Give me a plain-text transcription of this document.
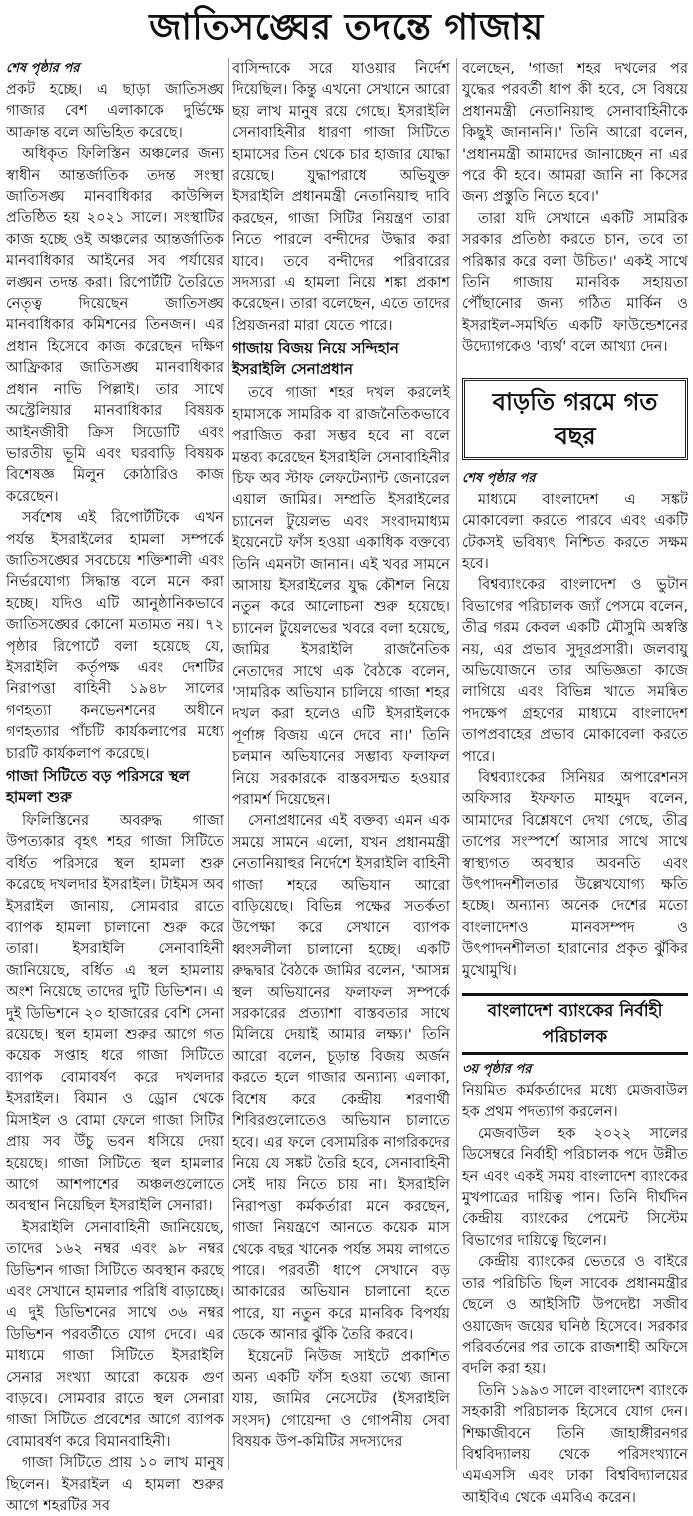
জাতিসঙ্ঘের তদন্তে গাজায়
শেষ পৃষ্ঠার পর

প্রকট হচ্ছে। এ ছাড়া জাতিসঙ্ঘ গাজার বেশ এলাকাকে দুর্ভিক্ষে আক্রান্ত বলে অভিহিত করেছে।

অধিকৃত ফিলিস্তিন অঞ্চলের জন্য স্বাধীন আন্তর্জাতিক তদন্ত সংস্থা জাতিসঙ্ঘ মানবাধিকার কাউন্সিল প্রতিষ্ঠিত হয় ২০২১ সালে। সংস্থাটির কাজ হচ্ছে ওই অঞ্চলের আন্তর্জাতিক মানবাধিকার আইনের সব পর্যায়ের লঙ্ঘন তদন্ত করা। রিপোর্টটি তৈরিতে নেতৃত্ব দিয়েছেন জাতিসঙ্ঘ মানবাধিকার কমিশনের তিনজন। এর প্রধান হিসেবে কাজ করেছেন দক্ষিণ আফ্রিকার জাতিসঙ্ঘ মানবাধিকার প্রধান নাভি পিল্লাই। তার সাথে অস্ট্রেলিয়ার মানবাধিকার বিষয়ক আইনজীবী ক্রিস সিডোটি এবং ভারতীয় ভূমি এবং ঘরবাড়ি বিষয়ক বিশেষজ্ঞ মিলুন কোঠারিও কাজ করেছেন।

সর্বশেষ এই রিপোর্টটিকে এখন পর্যন্ত ইসরাইলের হামলা সম্পর্কে জাতিসঙ্ঘের সবচেয়ে শক্তিশালী এবং নির্ভরযোগ্য সিদ্ধান্ত বলে মনে করা হচ্ছে। যদিও এটি আনুষ্ঠানিকভাবে জাতিসঙ্ঘের কোনো মতামত নয়। ৭২ পৃষ্ঠার রিপোর্টে বলা হয়েছে যে, ইসরাইলি কর্তৃপক্ষ এবং দেশটির নিরাপত্তা বাহিনী ১৯৪৮ সালের গণহত্যা কনভেনশনের অধীনে গণহত্যার পাঁচটি কার্যকলাপের মধ্যে চারটি কার্যকলাপ করেছে।

গাজা সিটিতে বড় পরিসরে স্থল হামলা শুরু

ফিলিস্তিনের অবরুদ্ধ গাজা উপত্যকার বৃহৎ শহর গাজা সিটিতে বর্ধিত পরিসরে স্থল হামলা শুরু করেছে দখলদার ইসরাইল। টাইমস অব ইসরাইল জানায়, সোমবার রাতে ব্যাপক হামলা চালানো শুরু করে তারা। ইসরাইলি সেনাবাহিনী জানিয়েছে, বর্ধিত এ স্থল হামলায় অংশ নিয়েছে তাদের দুটি ডিভিশন। এ দুই ডিভিশনে ২০ হাজারের বেশি সেনা রয়েছে। স্থল হামলা শুরুর আগে গত কয়েক সপ্তাহ ধরে গাজা সিটিতে ব্যাপক বোমাবর্ষণ করে দখলদার ইসরাইল। বিমান ও ড্রোন থেকে মিসাইল ও বোমা ফেলে গাজা সিটির প্রায় সব উঁচু ভবন ধসিয়ে দেয়া হয়েছে। গাজা সিটিতে স্থল হামলার আগে আশপাশের অঞ্চলগুলোতে অবস্থান নিয়েছিল ইসরাইলি সেনারা।

ইসরাইলি সেনাবাহিনী জানিয়েছে, তাদের ১৬২ নম্বর এবং ৯৮ নম্বর ডিভিশন গাজা সিটিতে অবস্থান করছে এবং সেখানে হামলার পরিধি বাড়াচ্ছে। এ দুই ডিভিশনের সাথে ৩৬ নম্বর ডিভিশন পরবর্তীতে যোগ দেবে। এর মাধ্যমে গাজা সিটিতে ইসরাইলি সেনার সংখ্যা আরো কয়েক গুণ বাড়বে। সোমবার রাতে স্থল সেনারা গাজা সিটিতে প্রবেশের আগে ব্যাপক বোমাবর্ষণ করে বিমানবাহিনী।

গাজা সিটিতে প্রায় ১০ লাখ মানুষ ছিলেন। ইসরাইল এ হামলা শুরুর আগে শহরটির সব

বাসিন্দাকে সরে যাওয়ার নির্দেশ দিয়েছিল। কিন্তু এখনো সেখানে আরো ছয় লাখ মানুষ রয়ে গেছে। ইসরাইলি সেনাবাহিনীর ধারণা গাজা সিটিতে হামাসের তিন থেকে চার হাজার যোদ্ধা রয়েছে। যুদ্ধাপরাধে অভিযুক্ত ইসরাইলি প্রধানমন্ত্রী নেতানিয়াহু দাবি করছেন, গাজা সিটির নিয়ন্ত্রণ তারা নিতে পারলে বন্দীদের উদ্ধার করা যাবে। তবে বন্দীদের পরিবারের সদস্যরা এ হামলা নিয়ে শঙ্কা প্রকাশ করেছেন। তারা বলেছেন, এতে তাদের প্রিয়জনরা মারা যেতে পারে।

গাজায় বিজয় নিয়ে সন্দিহান ইসরাইলি সেনাপ্রধান

তবে গাজা শহর দখল করলেই হামাসকে সামরিক বা রাজনৈতিকভাবে পরাজিত করা সম্ভব হবে না বলে মন্তব্য করেছেন ইসরাইলি সেনাবাহিনীর চিফ অব স্টাফ লেফটেন্যান্ট জেনারেল এয়াল জামির। সম্প্রতি ইসরাইলের চ্যানেল টুয়েলভ এবং সংবাদমাধ্যম ইয়েনেটে ফাঁস হওয়া একাধিক বক্তব্যে তিনি এমনটা জানান। এই খবর সামনে আসায় ইসরাইলের যুদ্ধ কৌশল নিয়ে নতুন করে আলোচনা শুরু হয়েছে। চ্যানেল টুয়েলভের খবরে বলা হয়েছে, জামির ইসরাইলি রাজনৈতিক নেতাদের সাথে এক বৈঠকে বলেন, 'সামরিক অভিযান চালিয়ে গাজা শহর দখল করা হলেও এটি ইসরাইলকে পূর্ণাঙ্গ বিজয় এনে দেবে না।' তিনি চলমান অভিযানের সম্ভাব্য ফলাফল নিয়ে সরকারকে বাস্তবসম্মত হওয়ার পরামর্শ দিয়েছেন।

সেনাপ্রধানের এই বক্তব্য এমন এক সময়ে সামনে এলো, যখন প্রধানমন্ত্রী নেতানিয়াহুর নির্দেশে ইসরাইলি বাহিনী গাজা শহরে অভিযান আরো বাড়িয়েছে। বিভিন্ন পক্ষের সতর্কতা উপেক্ষা করে সেখানে ব্যাপক ধ্বংসলীলা চালানো হচ্ছে। একটি রুদ্ধদ্বার বৈঠকে জামির বলেন, 'আসন্ন স্থল অভিযানের ফলাফল সম্পর্কে সরকারের প্রত্যাশা বাস্তবতার সাথে মিলিয়ে দেয়াই আমার লক্ষ্য।' তিনি আরো বলেন, চূড়ান্ত বিজয় অর্জন করতে হলে গাজার অন্যান্য এলাকা, বিশেষ করে কেন্দ্রীয় শরণার্থী শিবিরগুলোতেও অভিযান চালাতে হবে। এর ফলে বেসামরিক নাগরিকদের নিয়ে যে সঙ্কট তৈরি হবে, সেনাবাহিনী সেই দায় নিতে চায় না। ইসরাইলি নিরাপত্তা কর্মকর্তারা মনে করছেন, গাজা নিয়ন্ত্রণে আনতে কয়েক মাস থেকে বছর খানেক পর্যন্ত সময় লাগতে পারে। পরবর্তী ধাপে সেখানে বড় আকারের অভিযান চালানো হতে পারে, যা নতুন করে মানবিক বিপর্যয় ডেকে আনার ঝুঁকি তৈরি করবে।

ইয়েনেট নিউজ সাইটে প্রকাশিত অন্য একটি ফাঁস হওয়া তথ্যে জানা যায়, জামির নেসেটের (ইসরাইলি সংসদ) গোয়েন্দা ও গোপনীয় সেবা বিষয়ক উপ-কমিটির সদস্যদের

বলেছেন, 'গাজা শহর দখলের পর যুদ্ধের পরবর্তী ধাপ কী হবে, সে বিষয়ে প্রধানমন্ত্রী নেতানিয়াহু সেনাবাহিনীকে কিছুই জানাননি।' তিনি আরো বলেন, 'প্রধানমন্ত্রী আমাদের জানাচ্ছেন না এর পরে কী হবে। আমরা জানি না কিসের জন্য প্রস্তুতি নিতে হবে।'

তারা যদি সেখানে একটি সামরিক সরকার প্রতিষ্ঠা করতে চান, তবে তা পরিষ্কার করে বলা উচিত।' একই সাথে তিনি গাজায় মানবিক সহায়তা পৌঁছানোর জন্য গঠিত মার্কিন ও ইসরাইল-সমর্থিত একটি ফাউন্ডেশনের উদ্যোগকেও 'ব্যর্থ' বলে আখ্যা দেন।

বাড়তি গরমে গত বছর
শেষ পৃষ্ঠার পর

মাধ্যমে বাংলাদেশ এ সঙ্কট মোকাবেলা করতে পারবে এবং একটি টেকসই ভবিষ্যৎ নিশ্চিত করতে সক্ষম হবে।

বিশ্বব্যাংকের বাংলাদেশ ও ভুটান বিভাগের পরিচালক জ্যাঁ পেসমে বলেন, তীব্র গরম কেবল একটি মৌসুমি অস্বস্তি নয়, এর প্রভাব সুদূরপ্রসারী। জলবায়ু অভিযোজনে তার অভিজ্ঞতা কাজে লাগিয়ে এবং বিভিন্ন খাতে সমন্বিত পদক্ষেপ গ্রহণের মাধ্যমে বাংলাদেশ তাপপ্রবাহের প্রভাব মোকাবেলা করতে পারে।

বিশ্বব্যাংকের সিনিয়র অপারেশনস অফিসার ইফফাত মাহমুদ বলেন, আমাদের বিশ্লেষণে দেখা গেছে, তীব্র তাপের সংস্পর্শে আসার সাথে সাথে স্বাস্থ্যগত অবস্থার অবনতি এবং উৎপাদনশীলতার উল্লেখযোগ্য ক্ষতি হচ্ছে। অন্যান্য অনেক দেশের মতো বাংলাদেশও মানবসম্পদ ও উৎপাদনশীলতা হারানোর প্রকৃত ঝুঁকির মুখোমুখি।

বাংলাদেশ ব্যাংকের নির্বাহী পরিচালক
৩য় পৃষ্ঠার পর

নিয়মিত কর্মকর্তাদের মধ্যে মেজবাউল হক প্রথম পদত্যাগ করলেন।

মেজবাউল হক ২০২২ সালের ডিসেম্বরে নির্বাহী পরিচালক পদে উন্নীত হন এবং একই সময় বাংলাদেশ ব্যাংকের মুখপাত্রের দায়িত্ব পান। তিনি দীর্ঘদিন কেন্দ্রীয় ব্যাংকের পেমেন্ট সিস্টেম বিভাগের দায়িত্বে ছিলেন।

কেন্দ্রীয় ব্যাংকের ভেতরে ও বাইরে তার পরিচিতি ছিল সাবেক প্রধানমন্ত্রীর ছেলে ও আইসিটি উপদেষ্টা সজীব ওয়াজেদ জয়ের ঘনিষ্ঠ হিসেবে। সরকার পরিবর্তনের পর তাকে রাজশাহী অফিসে বদলি করা হয়।

তিনি ১৯৯৩ সালে বাংলাদেশ ব্যাংকে সহকারী পরিচালক হিসেবে যোগ দেন। শিক্ষাজীবনে তিনি জাহাঙ্গীরনগর বিশ্ববিদ্যালয় থেকে পরিসংখ্যানে এমএসসি এবং ঢাকা বিশ্ববিদ্যালয়ের আইবিএ থেকে এমবিএ করেন।
